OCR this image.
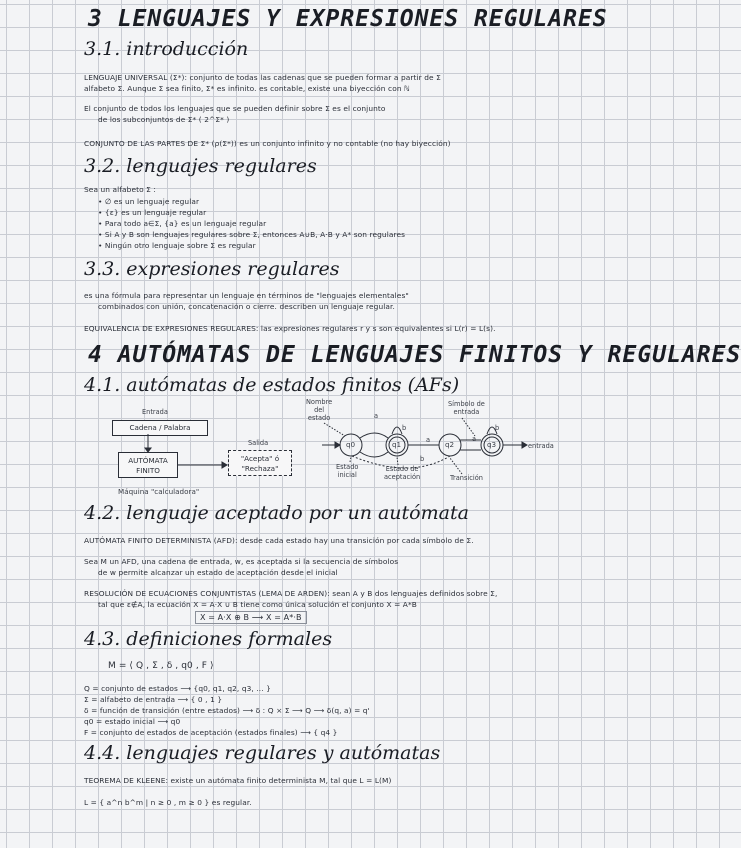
3 LENGUAJES Y EXPRESIONES REGULARES
3.1. introducción
LENGUAJE UNIVERSAL (Σ*): conjunto de todas las cadenas que se pueden formar a partir de Σ
alfabeto Σ. Aunque Σ sea finito, Σ* es infinito. es contable, existe una biyección con ℕ
El conjunto de todos los lenguajes que se pueden definir sobre Σ es el conjunto
de los subconjuntos de Σ* ( 2^Σ* )
CONJUNTO DE LAS PARTES DE Σ* (ρ(Σ*)) es un conjunto infinito y no contable (no hay biyección)
3.2. lenguajes regulares
Sea un alfabeto Σ :
• ∅ es un lenguaje regular
• {ε} es un lenguaje regular
• Para todo a∈Σ, {a} es un lenguaje regular
• Si A y B son lenguajes regulares sobre Σ, entonces A∪B, A·B y A* son regulares
• Ningún otro lenguaje sobre Σ es regular
3.3. expresiones regulares
es una fórmula para representar un lenguaje en términos de "lenguajes elementales"
combinados con unión, concatenación o cierre. describen un lenguaje regular.
EQUIVALENCIA DE EXPRESIONES REGULARES: las expresiones regulares r y s son equivalentes si L(r) = L(s).
4 AUTÓMATAS DE LENGUAJES FINITOS Y REGULARES
4.1. autómatas de estados finitos (AFs)
Entrada
Cadena / Palabra
AUTÓMATA
FINITO
Salida
"Acepta" ó
"Rechaza"
Máquina "calculadora"
Nombre
del
estado
Símbolo de
entrada
Estado
inicial
Estado de
aceptación	Transición
entrada
q0	q1	q2	q3
a
a	a
b
b	b
4.2. lenguaje aceptado por un autómata
AUTÓMATA FINITO DETERMINISTA (AFD): desde cada estado hay una transición por cada símbolo de Σ.
Sea M un AFD, una cadena de entrada, w, es aceptada si la secuencia de símbolos
de w permite alcanzar un estado de aceptación desde el inicial
RESOLUCIÓN DE ECUACIONES CONJUNTISTAS (LEMA DE ARDEN): sean A y B dos lenguajes definidos sobre Σ,
tal que ε∉A, la ecuación X = A·X ∪ B tiene como única solución el conjunto X = A*B
X = A·X ⊕ B ⟶ X = A*·B
4.3. definiciones formales
M = ⟨ Q , Σ , δ , q0 , F ⟩
Q = conjunto de estados ⟶ {q0, q1, q2, q3, ... }
Σ = alfabeto de entrada ⟶ { 0 , 1 }
δ = función de transición (entre estados) ⟶ δ : Q × Σ ⟶ Q ⟶ δ(q, a) = q'
q0 = estado inicial ⟶ q0
F = conjunto de estados de aceptación (estados finales) ⟶ { q4 }
4.4. lenguajes regulares y autómatas
TEOREMA DE KLEENE: existe un autómata finito determinista M, tal que L = L(M)
L = { a^n b^m | n ≥ 0 , m ≥ 0 } es regular.
